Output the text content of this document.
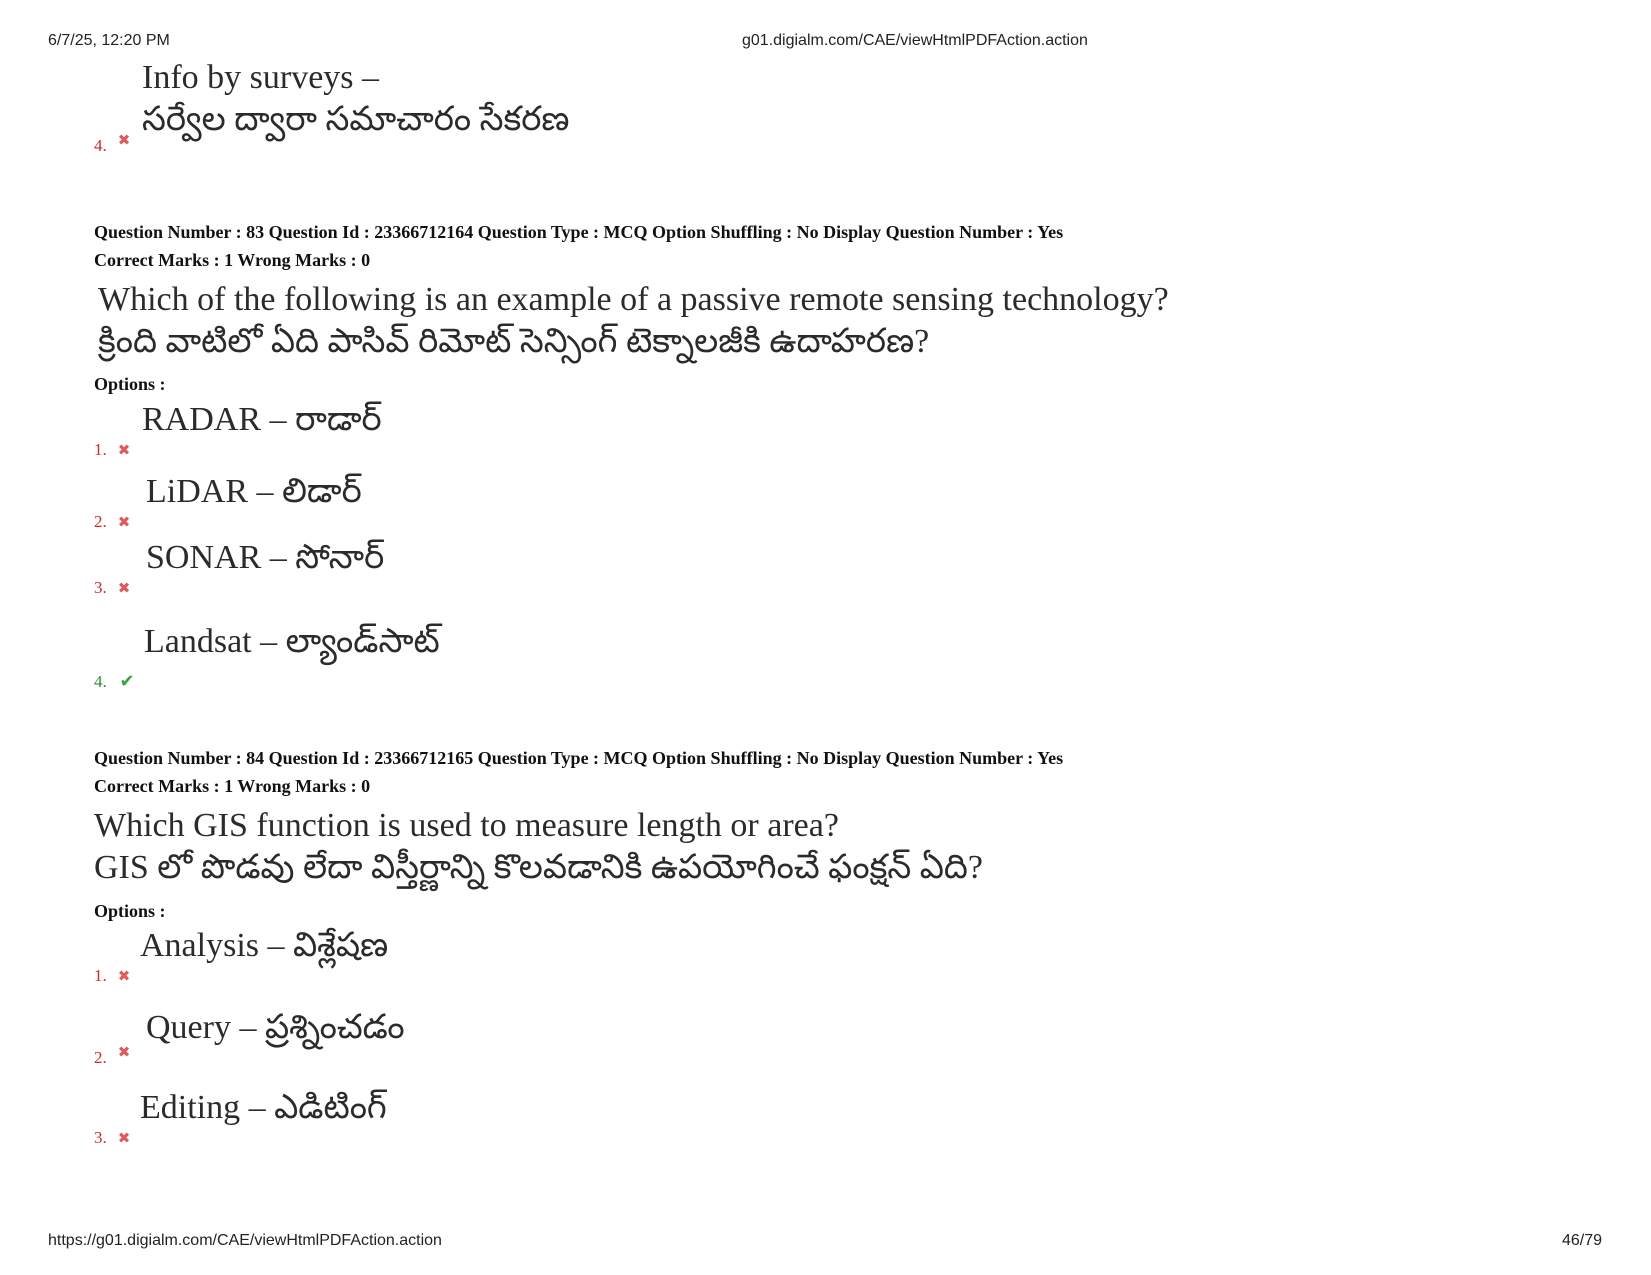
6/7/25, 12:20 PM	g01.digialm.com/CAE/viewHtmlPDFAction.action
Info by surveys –
సర్వేల ద్వారా సమాచారం సేకరణ
4. ✖
Question Number : 83 Question Id : 23366712164 Question Type : MCQ Option Shuffling : No Display Question Number : Yes
Correct Marks : 1 Wrong Marks : 0
Which of the following is an example of a passive remote sensing technology?
క్రింది వాటిలో ఏది పాసివ్ రిమోట్ సెన్సింగ్ టెక్నాలజీకి ఉదాహరణ?
Options :
RADAR – రాడార్
1. ✖
LiDAR – లిడార్
2. ✖
SONAR – సోనార్
3. ✖
Landsat – ల్యాండ్‌సాట్
4. ✔
Question Number : 84 Question Id : 23366712165 Question Type : MCQ Option Shuffling : No Display Question Number : Yes
Correct Marks : 1 Wrong Marks : 0
Which GIS function is used to measure length or area?
GIS లో పొడవు లేదా విస్తీర్ణాన్ని కొలవడానికి ఉపయోగించే ఫంక్షన్ ఏది?
Options :
Analysis – విశ్లేషణ
1. ✖
Query – ప్రశ్నించడం
2. ✖
Editing – ఎడిటింగ్
3. ✖
https://g01.digialm.com/CAE/viewHtmlPDFAction.action	46/79
